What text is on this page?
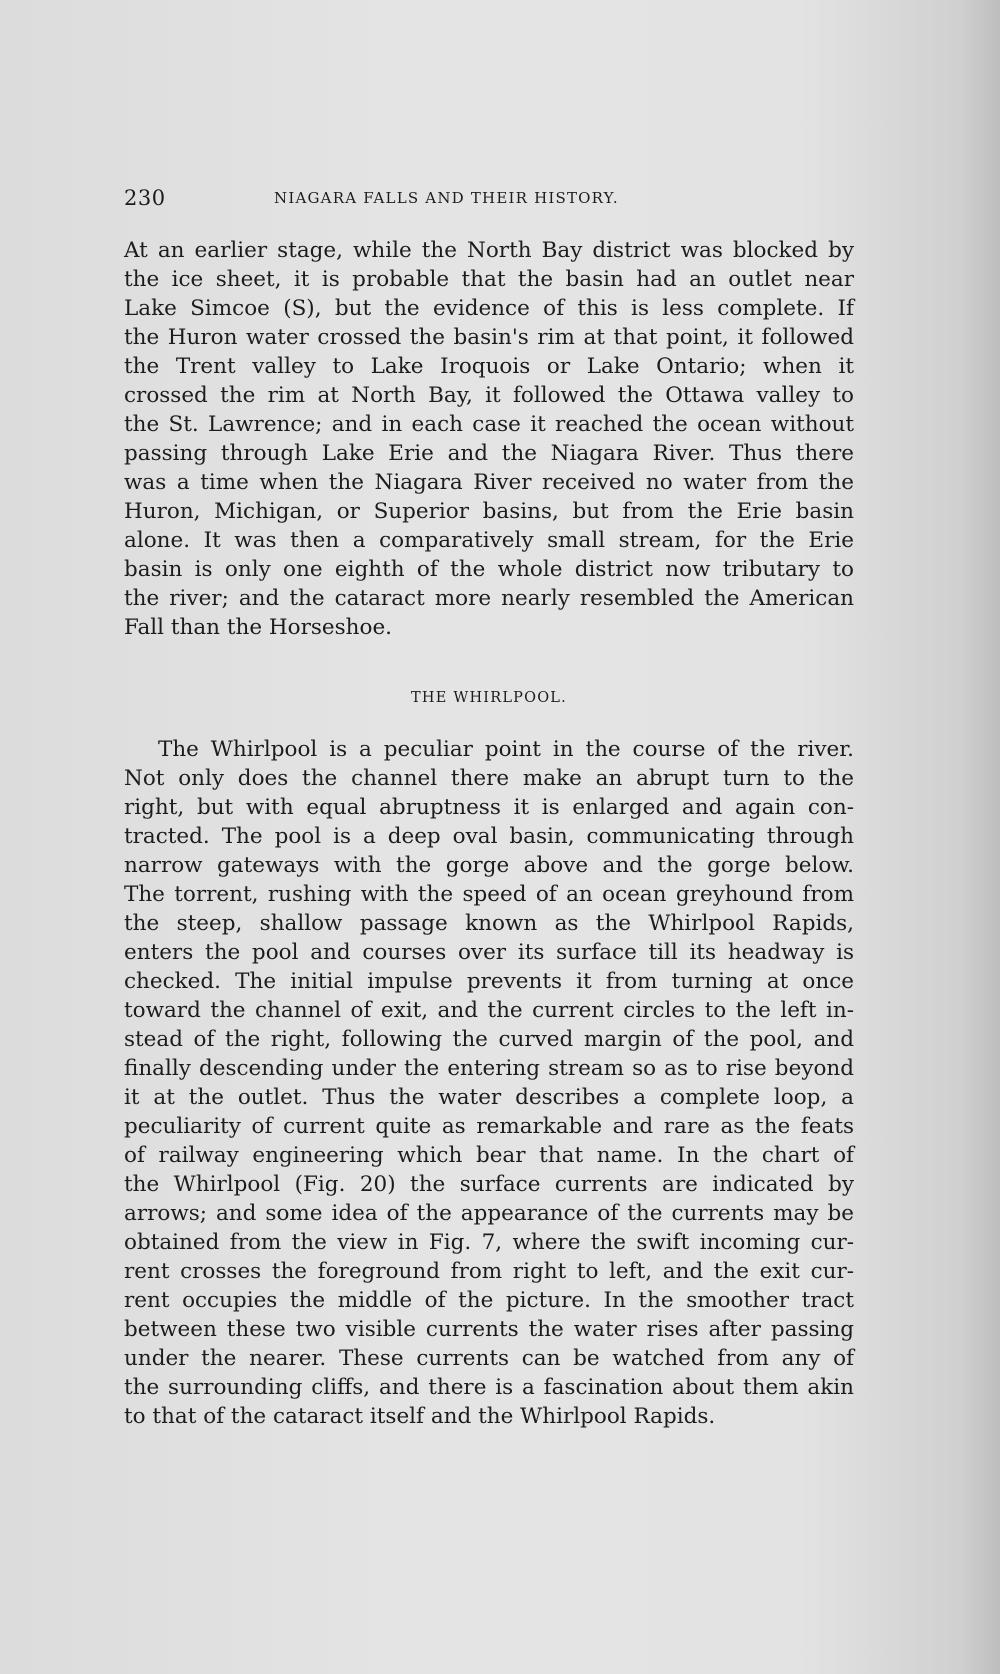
230	NIAGARA FALLS AND THEIR HISTORY.
At an earlier stage, while the North Bay district was blocked by
the ice sheet, it is probable that the basin had an outlet near
Lake Simcoe (S), but the evidence of this is less complete. If
the Huron water crossed the basin's rim at that point, it followed
the Trent valley to Lake Iroquois or Lake Ontario; when it
crossed the rim at North Bay, it followed the Ottawa valley to
the St. Lawrence; and in each case it reached the ocean without
passing through Lake Erie and the Niagara River. Thus there
was a time when the Niagara River received no water from the
Huron, Michigan, or Superior basins, but from the Erie basin
alone. It was then a comparatively small stream, for the Erie
basin is only one eighth of the whole district now tributary to
the river; and the cataract more nearly resembled the American
Fall than the Horseshoe.
THE WHIRLPOOL.
The Whirlpool is a peculiar point in the course of the river.
Not only does the channel there make an abrupt turn to the
right, but with equal abruptness it is enlarged and again con-
tracted. The pool is a deep oval basin, communicating through
narrow gateways with the gorge above and the gorge below.
The torrent, rushing with the speed of an ocean greyhound from
the steep, shallow passage known as the Whirlpool Rapids,
enters the pool and courses over its surface till its headway is
checked. The initial impulse prevents it from turning at once
toward the channel of exit, and the current circles to the left in-
stead of the right, following the curved margin of the pool, and
finally descending under the entering stream so as to rise beyond
it at the outlet. Thus the water describes a complete loop, a
peculiarity of current quite as remarkable and rare as the feats
of railway engineering which bear that name. In the chart of
the Whirlpool (Fig. 20) the surface currents are indicated by
arrows; and some idea of the appearance of the currents may be
obtained from the view in Fig. 7, where the swift incoming cur-
rent crosses the foreground from right to left, and the exit cur-
rent occupies the middle of the picture. In the smoother tract
between these two visible currents the water rises after passing
under the nearer. These currents can be watched from any of
the surrounding cliffs, and there is a fascination about them akin
to that of the cataract itself and the Whirlpool Rapids.
